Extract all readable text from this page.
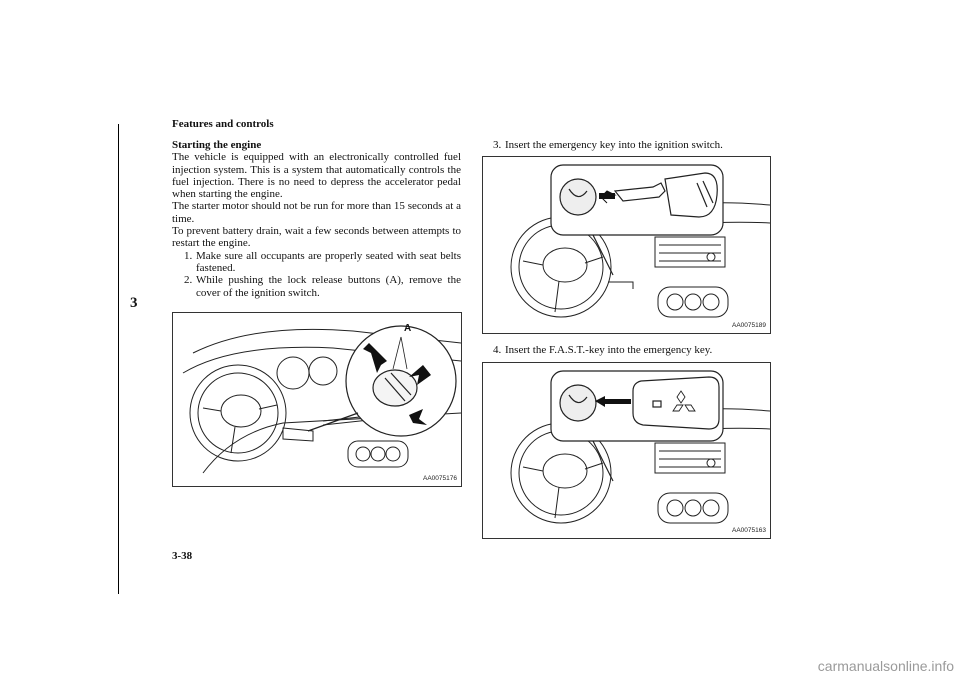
Features and controls
3
3-38

Starting the engine

The vehicle is equipped with an electronically controlled fuel injection system. This is a system that automatically controls the fuel injection. There is no need to depress the accelerator pedal when starting the engine.

The starter motor should not be run for more than 15 seconds at a time.

To prevent battery drain, wait a few seconds between attempts to restart the engine.

1. Make sure all occupants are properly seated with seat belts fastened.
2. While pushing the lock release buttons (A), remove the cover of the ignition switch.
A
AA0075176
3. Insert the emergency key into the ignition switch.
AA0075189
4. Insert the F.A.S.T.-key into the emergency key.
AA0075163
carmanualsonline.info
